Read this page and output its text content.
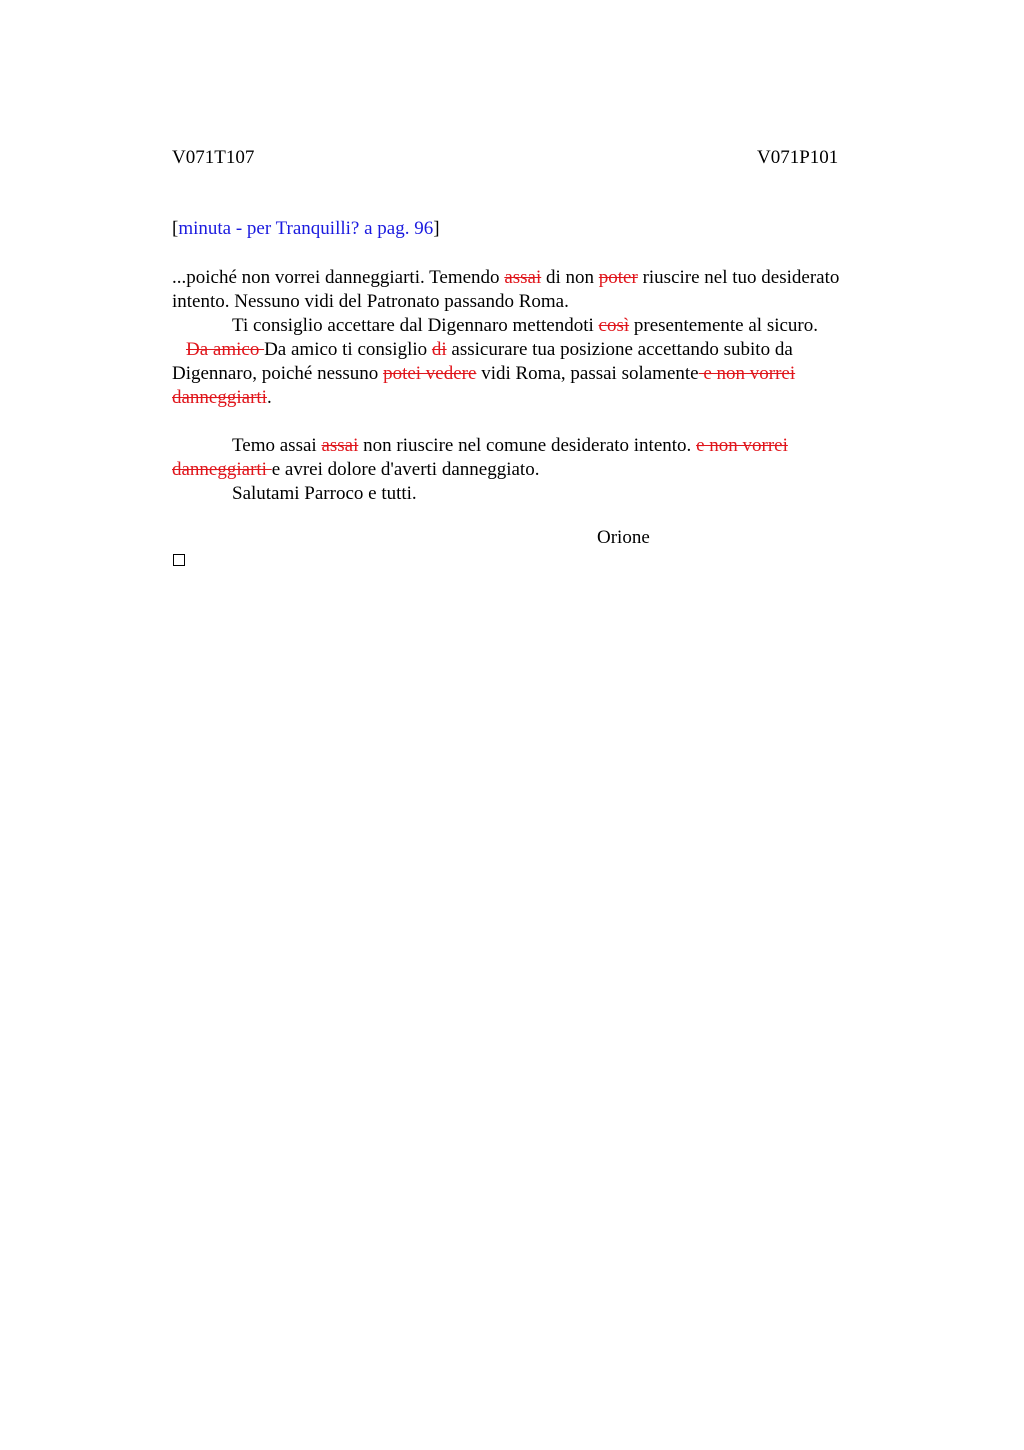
V071T107	V071P101
[minuta - per Tranquilli? a pag. 96]
...poiché non vorrei danneggiarti. Temendo assai di non poter riuscire nel tuo desiderato
intento. Nessuno vidi del Patronato passando Roma.
Ti consiglio accettare dal Digennaro mettendoti così presentemente al sicuro.
Da amico Da amico ti consiglio di assicurare tua posizione accettando subito da
Digennaro, poiché nessuno potei vedere vidi Roma, passai solamente e non vorrei
danneggiarti.
Temo assai assai non riuscire nel comune desiderato intento. e non vorrei
danneggiarti e avrei dolore d'averti danneggiato.
Salutami Parroco e tutti.
Orione
